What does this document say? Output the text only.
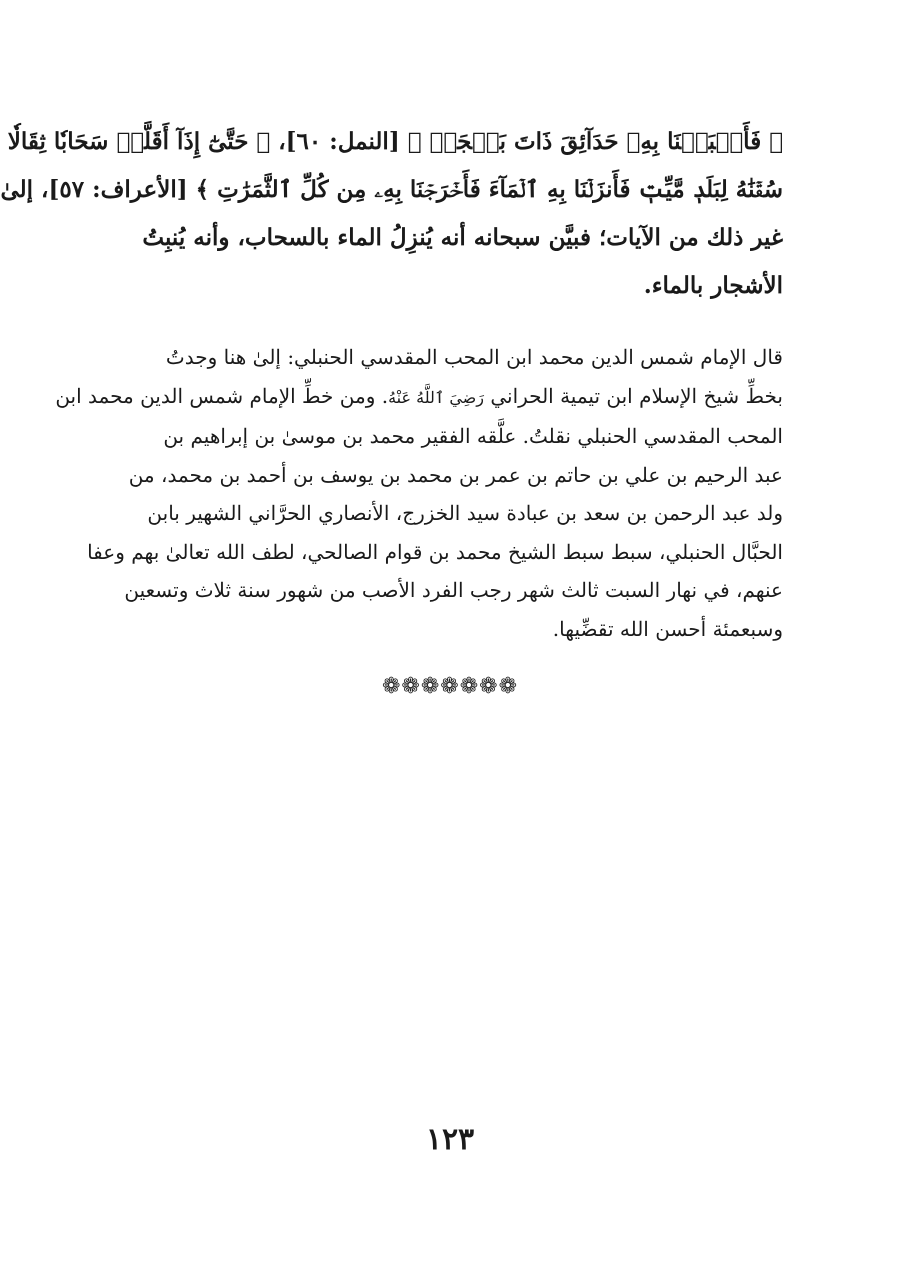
﴿ فَأَنۢبَتۡنَا بِهِۦ حَدَآئِقَ ذَاتَ بَهۡجَةٖ ﴾ [النمل: ٦٠]، ﴿ حَتَّىٰٓ إِذَآ أَقَلَّتۡ سَحَابٗا ثِقَالٗا
سُقۡنَٰهُ لِبَلَدٖ مَّيِّتٖ فَأَنزَلۡنَا بِهِ ٱلۡمَآءَ فَأَخۡرَجۡنَا بِهِۦ مِن كُلِّ ٱلثَّمَرَٰتِ ﴾ [الأعراف: ٥٧]، إلىٰ
غير ذلك من الآيات؛ فبيَّن سبحانه أنه يُنزِلُ الماء بالسحاب، وأنه يُنبِتُ
الأشجار بالماء.
قال الإمام شمس الدين محمد ابن المحب المقدسي الحنبلي: إلىٰ هنا وجدتُ
بخطِّ شيخ الإسلام ابن تيمية الحراني رَضِيَ ٱللَّهُ عَنْهُ. ومن خطِّ الإمام شمس الدين محمد ابن
المحب المقدسي الحنبلي نقلتُ. علَّقه الفقير محمد بن موسىٰ بن إبراهيم بن
عبد الرحيم بن علي بن حاتم بن عمر بن محمد بن يوسف بن أحمد بن محمد، من
ولد عبد الرحمن بن سعد بن عبادة سيد الخزرج، الأنصاري الحرَّاني الشهير بابن
الحبَّال الحنبلي، سبط سبط الشيخ محمد بن قوام الصالحي، لطف الله تعالىٰ بهم وعفا
عنهم، في نهار السبت ثالث شهر رجب الفرد الأصب من شهور سنة ثلاث وتسعين
وسبعمئة أحسن الله تقضِّيها.
❁❁❁❁❁❁❁
١٢٣
